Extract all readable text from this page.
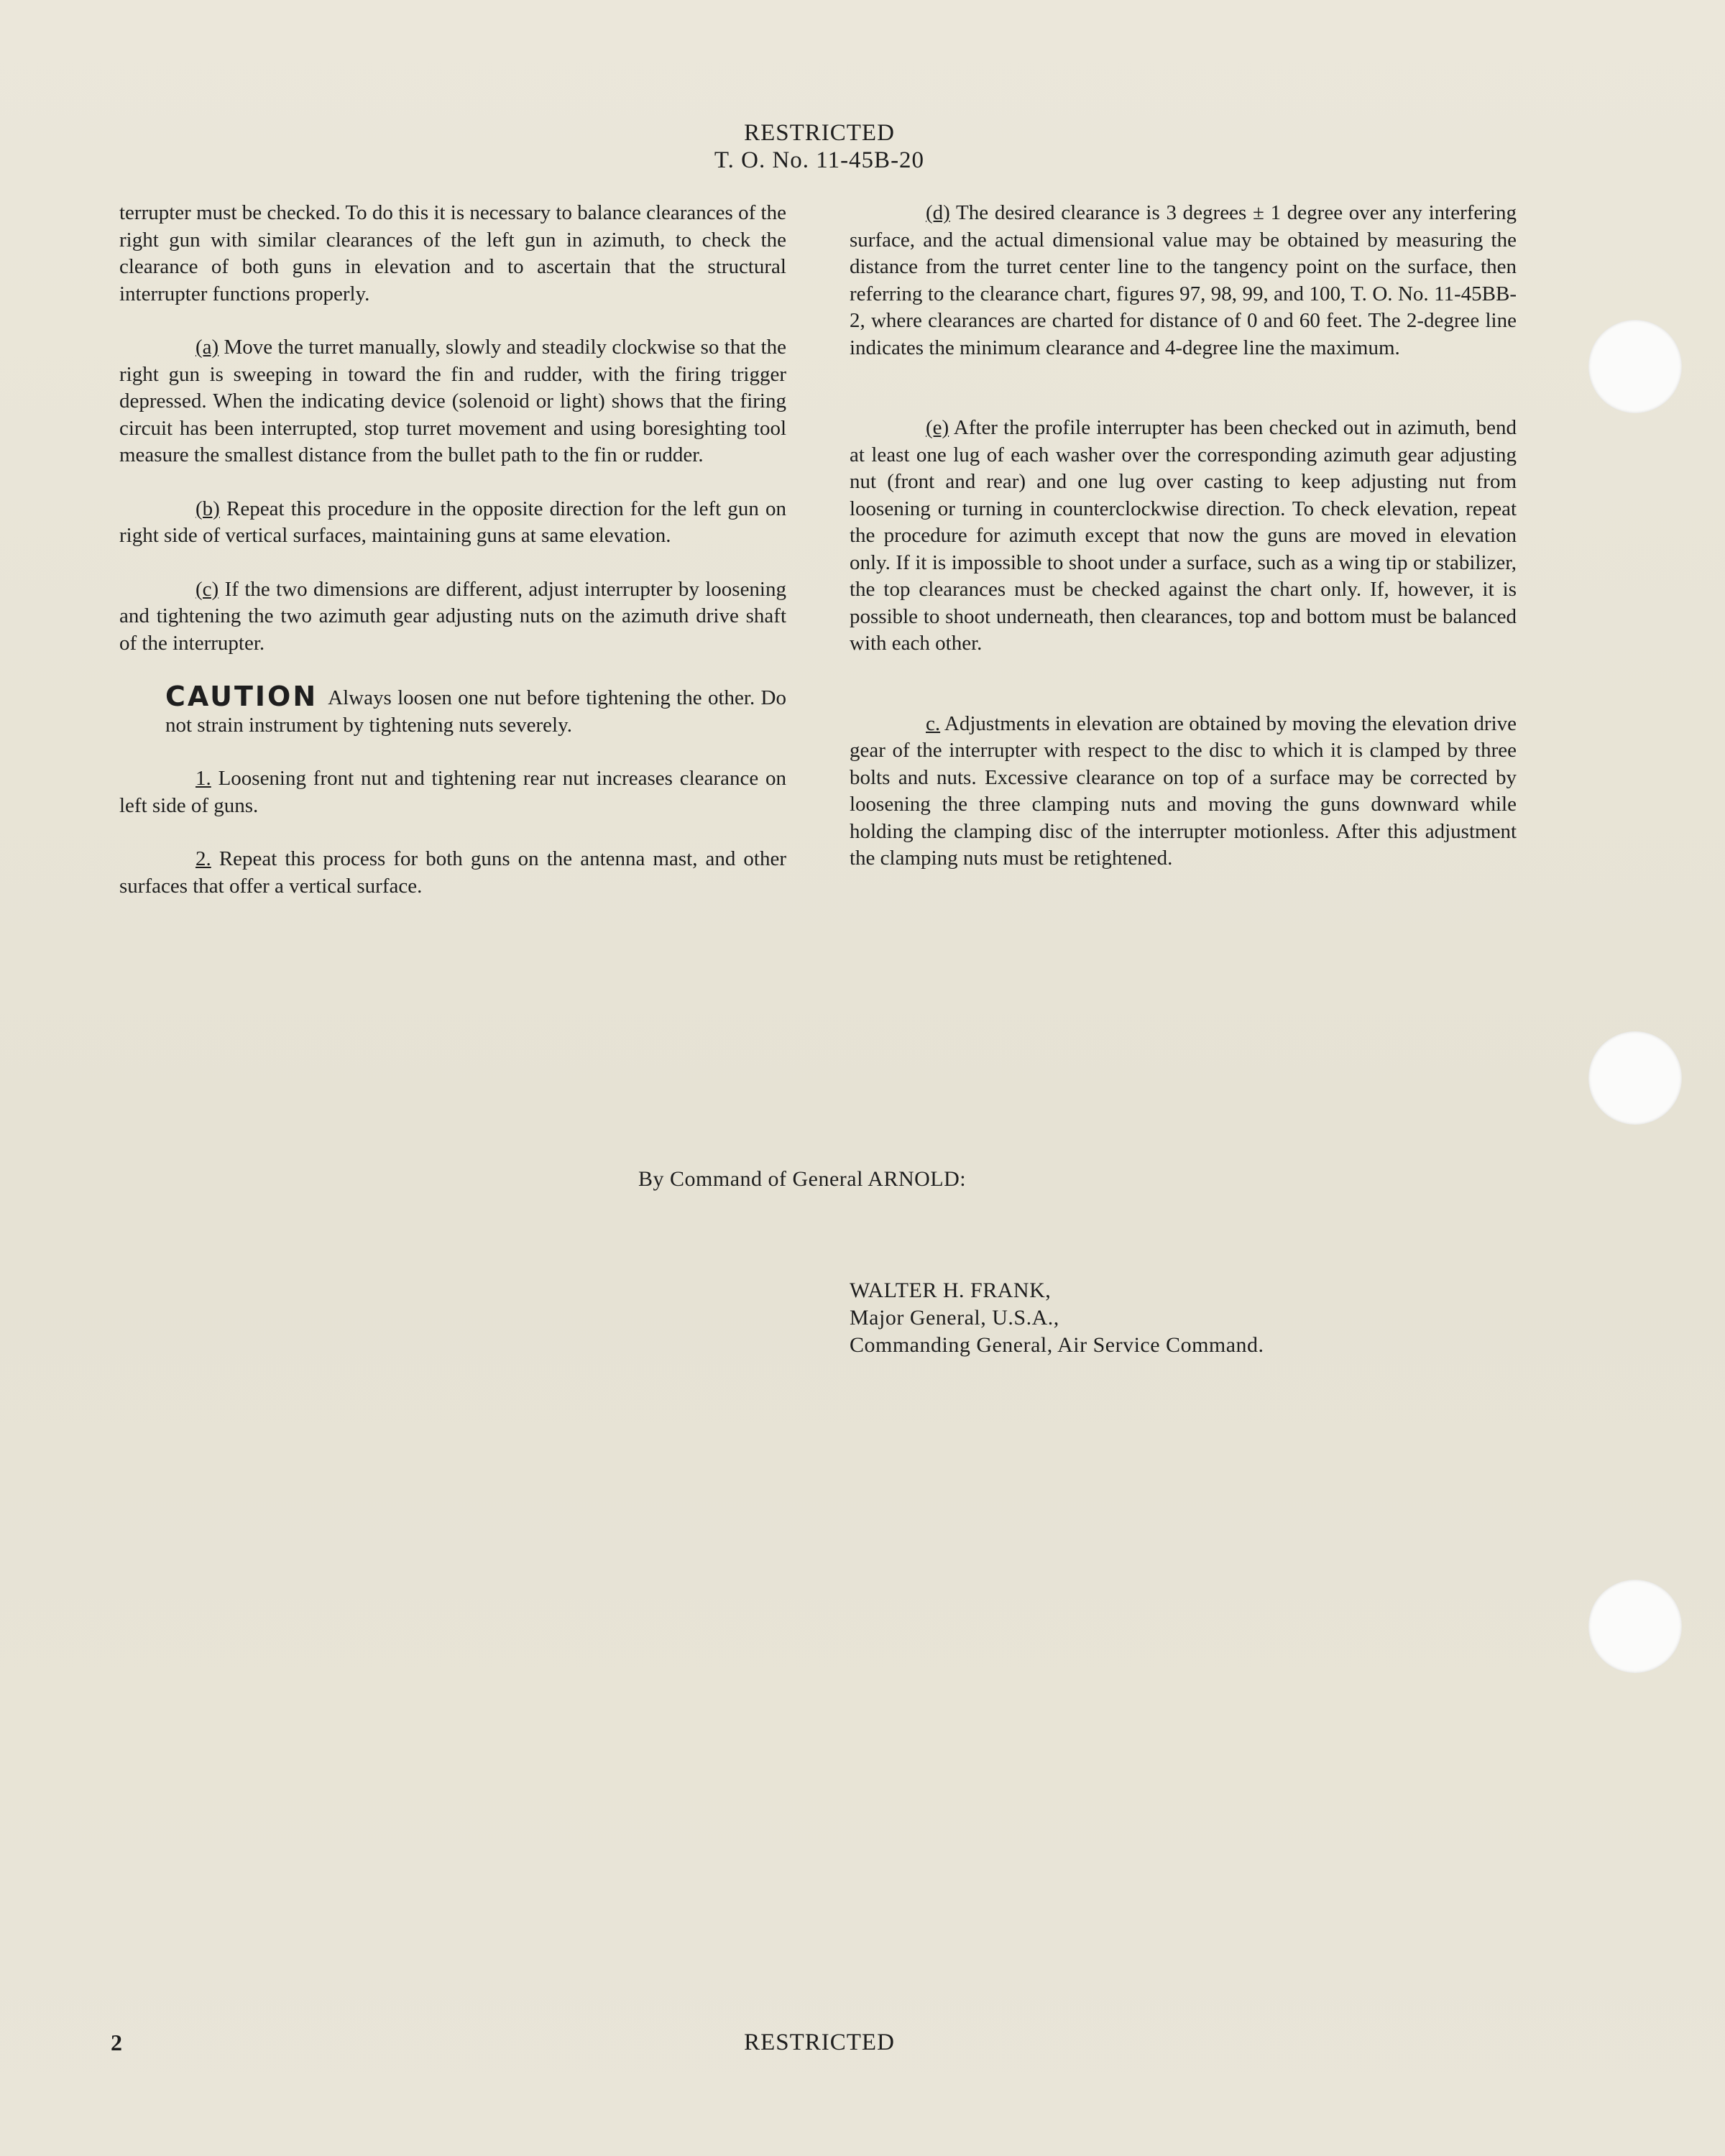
RESTRICTED
T. O. No. 11-45B-20

terrupter must be checked. To do this it is necessary to balance clearances of the right gun with similar clearances of the left gun in azimuth, to check the clearance of both guns in elevation and to ascertain that the structural interrupter functions properly.

(a) Move the turret manually, slowly and steadily clockwise so that the right gun is sweeping in toward the fin and rudder, with the firing trigger depressed. When the indicating device (solenoid or light) shows that the firing circuit has been interrupted, stop turret movement and using boresighting tool measure the smallest distance from the bullet path to the fin or rudder.

(b) Repeat this procedure in the opposite direction for the left gun on right side of vertical surfaces, maintaining guns at same elevation.

(c) If the two dimensions are different, adjust interrupter by loosening and tightening the two azimuth gear adjusting nuts on the azimuth drive shaft of the interrupter.

CAUTION Always loosen one nut before tightening the other. Do not strain instrument by tightening nuts severely.

1. Loosening front nut and tightening rear nut increases clearance on left side of guns.

2. Repeat this process for both guns on the antenna mast, and other surfaces that offer a vertical surface.

(d) The desired clearance is 3 degrees ± 1 degree over any interfering surface, and the actual dimensional value may be obtained by measuring the distance from the turret center line to the tangency point on the surface, then referring to the clearance chart, figures 97, 98, 99, and 100, T. O. No. 11-45BB-2, where clearances are charted for distance of 0 and 60 feet. The 2-degree line indicates the minimum clearance and 4-degree line the maximum.

(e) After the profile interrupter has been checked out in azimuth, bend at least one lug of each washer over the corresponding azimuth gear adjusting nut (front and rear) and one lug over casting to keep adjusting nut from loosening or turning in counterclockwise direction. To check elevation, repeat the procedure for azimuth except that now the guns are moved in elevation only. If it is impossible to shoot under a surface, such as a wing tip or stabilizer, the top clearances must be checked against the chart only. If, however, it is possible to shoot underneath, then clearances, top and bottom must be balanced with each other.

c. Adjustments in elevation are obtained by moving the elevation drive gear of the interrupter with respect to the disc to which it is clamped by three bolts and nuts. Excessive clearance on top of a surface may be corrected by loosening the three clamping nuts and moving the guns downward while holding the clamping disc of the interrupter motionless. After this adjustment the clamping nuts must be retightened.

By Command of General ARNOLD:
WALTER H. FRANK,
Major General, U.S.A.,
Commanding General, Air Service Command.
2	RESTRICTED
